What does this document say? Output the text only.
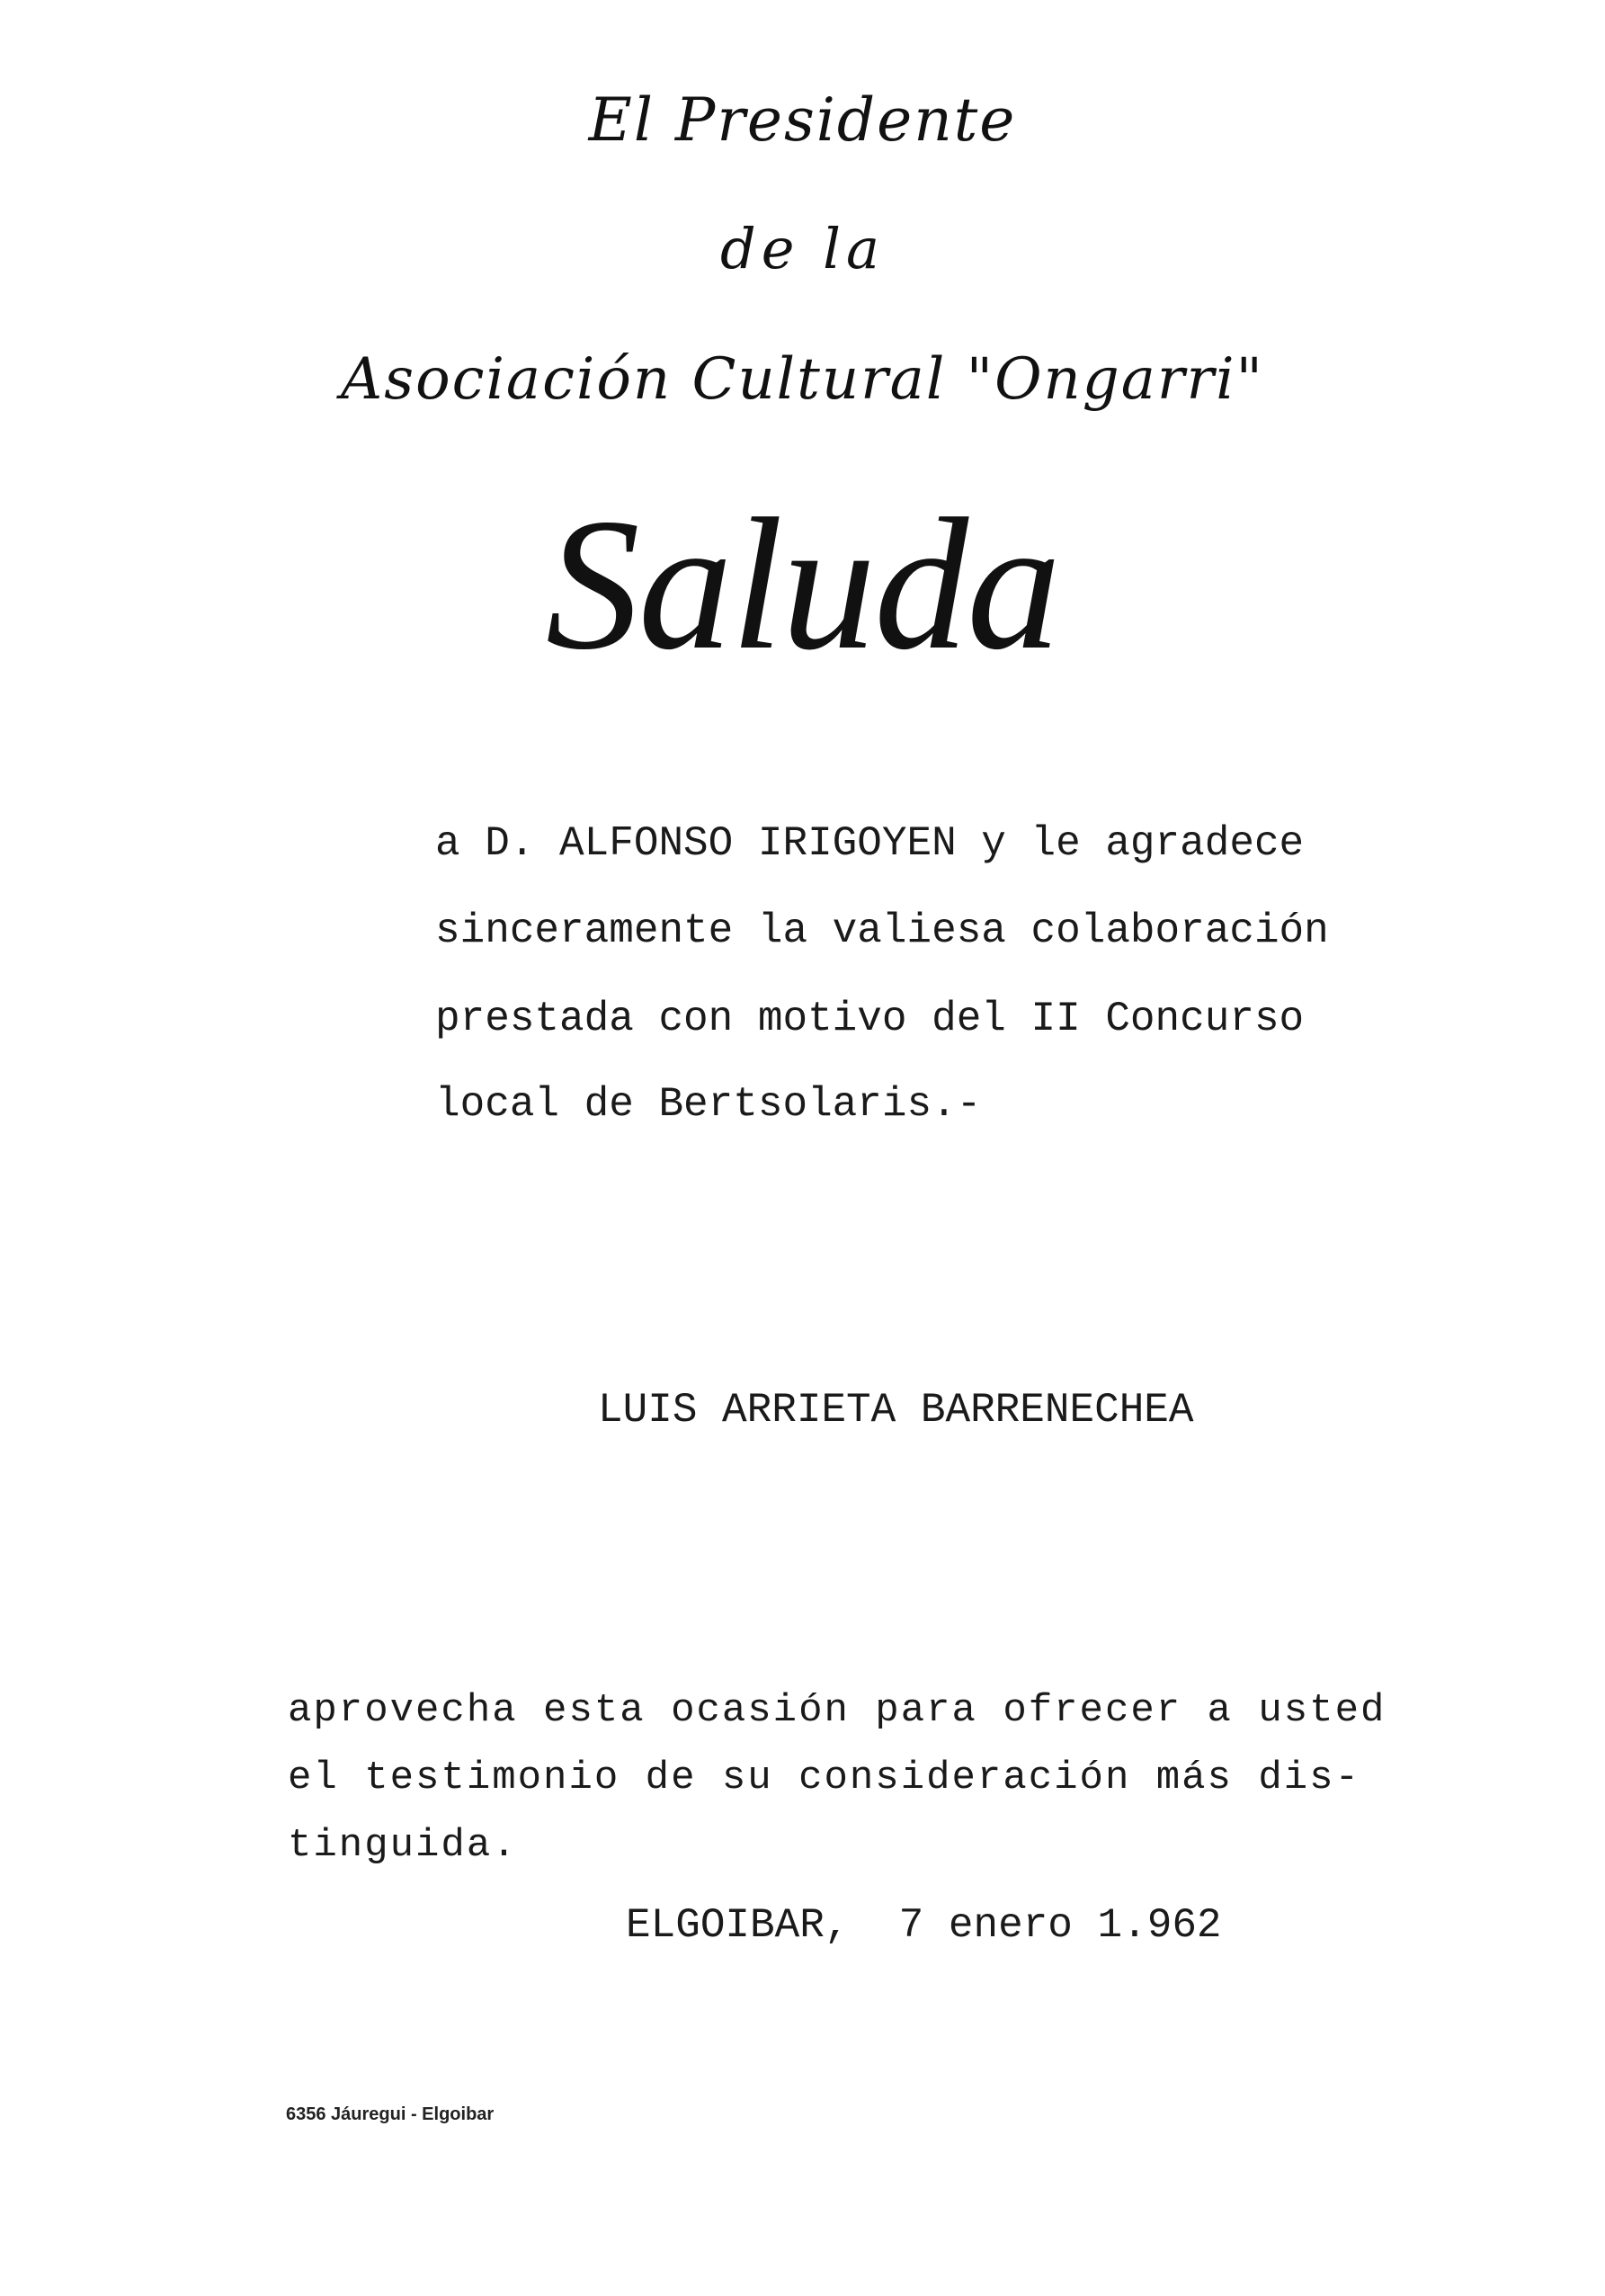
El Presidente
de la
Asociación Cultural "Ongarri"
Saluda
a D. ALFONSO IRIGOYEN y le agradece
sinceramente la valiesa colaboración
prestada con motivo del II Concurso
local de Bertsolaris.-
LUIS ARRIETA BARRENECHEA
aprovecha esta ocasión para ofrecer a usted
el testimonio de su consideración más dis-
tinguida.
ELGOIBAR, 7 enero 1.962
6356 Jáuregui - Elgoibar
